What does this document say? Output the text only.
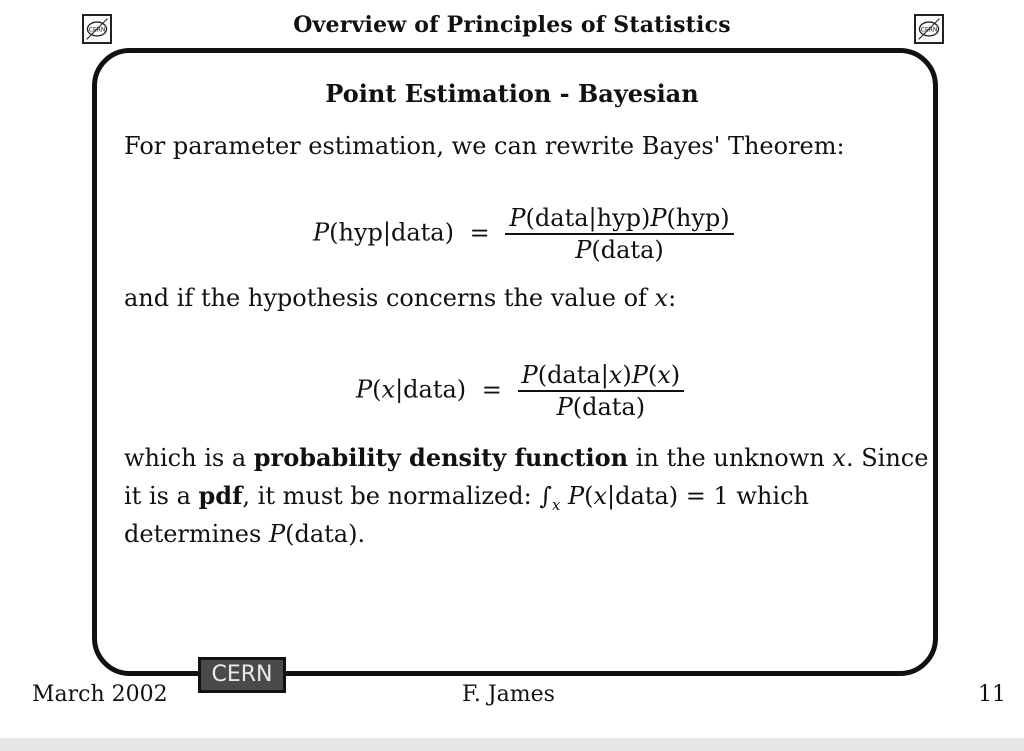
CERN	CERN
Overview of Principles of Statistics
Point Estimation - Bayesian
For parameter estimation, we can rewrite Bayes' Theorem:
P(hyp|data) = $\frac{\text{P(data|hyp)P(hyp)}}{\text{P(data)}}$
and if the hypothesis concerns the value of x:
P(x|data) = $\frac{\text{P(data|x)P(x)}}{\text{P(data)}}$
which is a probability density function in the unknown x. Since
it is a pdf, it must be normalized: $\int_x$ P(x|data) = 1 which
determines P(data).
CERN
March 2002	F. James	11
